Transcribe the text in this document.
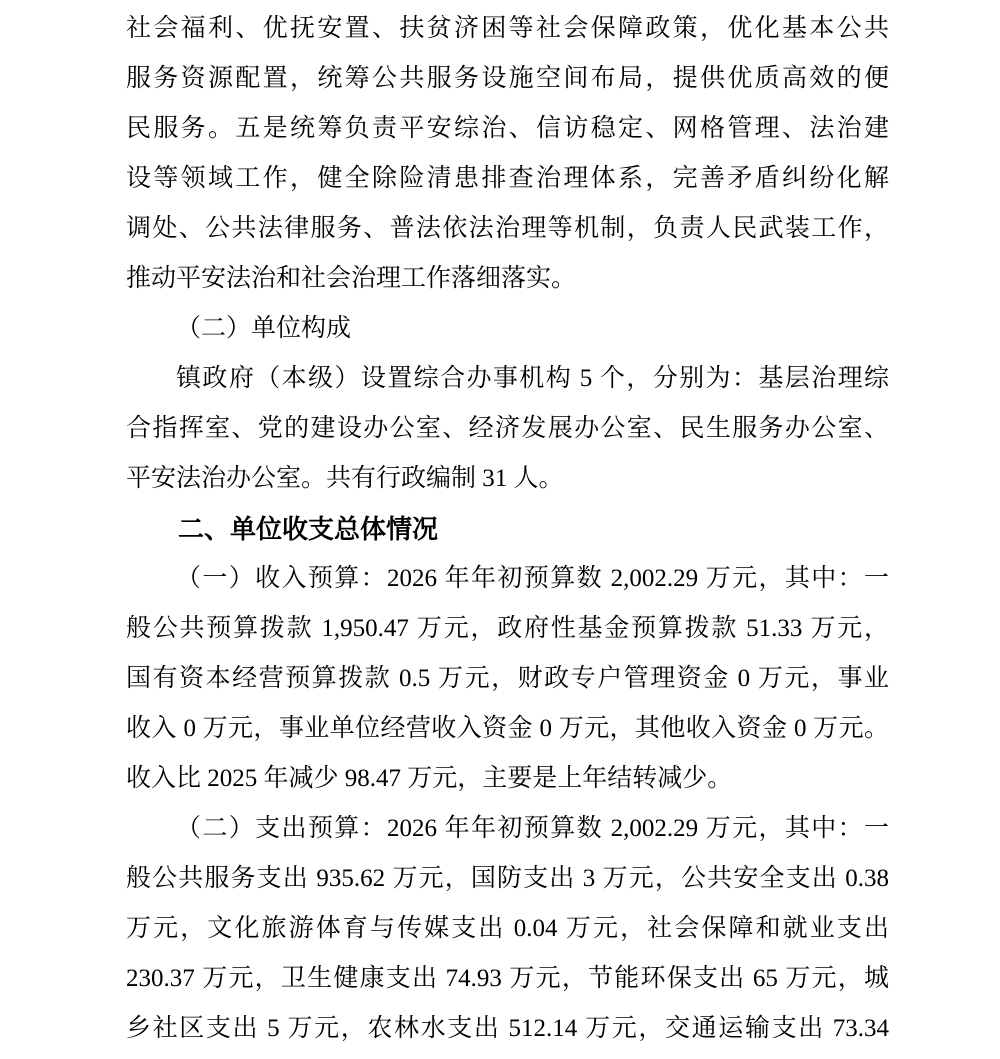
社会福利、优抚安置、扶贫济困等社会保障政策，优化基本公共
服务资源配置，统筹公共服务设施空间布局，提供优质高效的便
民服务。五是统筹负责平安综治、信访稳定、网格管理、法治建
设等领域工作，健全除险清患排查治理体系，完善矛盾纠纷化解
调处、公共法律服务、普法依法治理等机制，负责人民武装工作，
推动平安法治和社会治理工作落细落实。
（二）单位构成
镇政府（本级）设置综合办事机构 5 个，分别为：基层治理综
合指挥室、党的建设办公室、经济发展办公室、民生服务办公室、
平安法治办公室。共有行政编制 31 人。
二、单位收支总体情况
（一）收入预算：2026 年年初预算数 2,002.29 万元，其中：一
般公共预算拨款 1,950.47 万元，政府性基金预算拨款 51.33 万元，
国有资本经营预算拨款 0.5 万元，财政专户管理资金 0 万元，事业
收入 0 万元，事业单位经营收入资金 0 万元，其他收入资金 0 万元。
收入比 2025 年减少 98.47 万元，主要是上年结转减少。
（二）支出预算：2026 年年初预算数 2,002.29 万元，其中：一
般公共服务支出 935.62 万元，国防支出 3 万元，公共安全支出 0.38
万元，文化旅游体育与传媒支出 0.04 万元，社会保障和就业支出
230.37 万元，卫生健康支出 74.93 万元，节能环保支出 65 万元，城
乡社区支出 5 万元，农林水支出 512.14 万元，交通运输支出 73.34
